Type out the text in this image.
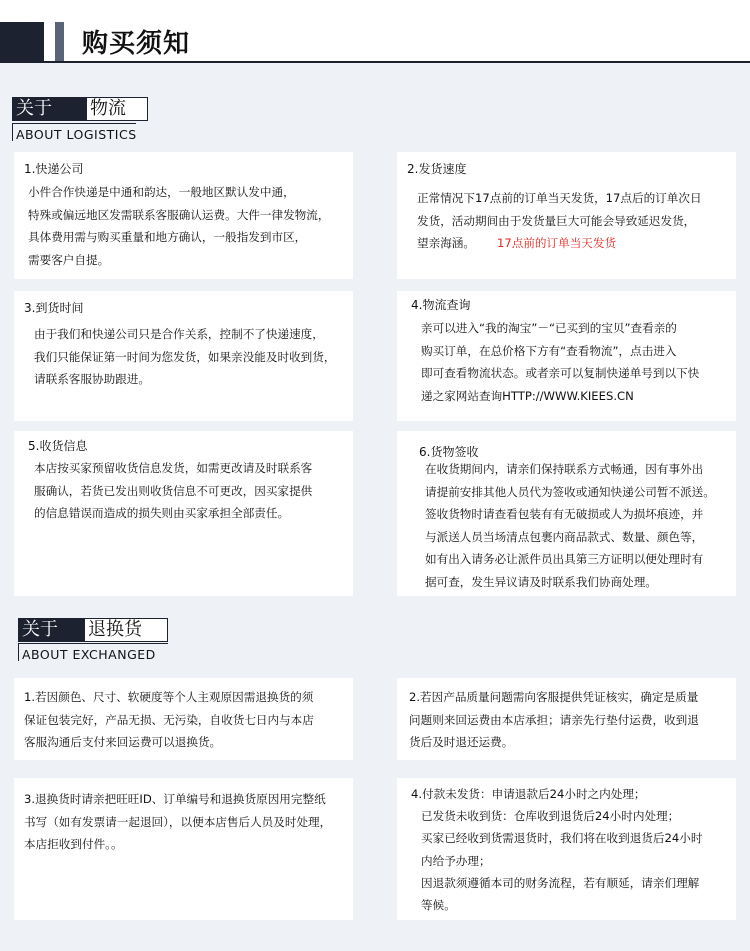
购买须知
关于	物流
ABOUT LOGISTICS
1.快递公司
小件合作快递是中通和韵达，一般地区默认发中通，
特殊或偏远地区发需联系客服确认运费。大件一律发物流，
具体费用需与购买重量和地方确认，一般指发到市区，
需要客户自提。
2.发货速度
正常情况下17点前的订单当天发货，17点后的订单次日
发货，活动期间由于发货量巨大可能会导致延迟发货，
望亲海涵。 17点前的订单当天发货
3.到货时间
由于我们和快递公司只是合作关系，控制不了快递速度，
我们只能保证第一时间为您发货，如果亲没能及时收到货，
请联系客服协助跟进。
4.物流查询
亲可以进入“我的淘宝”－“已买到的宝贝”查看亲的
购买订单，在总价格下方有“查看物流”，点击进入
即可查看物流状态。或者亲可以复制快递单号到以下快
递之家网站查询HTTP://WWW.KIEES.CN
5.收货信息
本店按买家预留收货信息发货，如需更改请及时联系客
服确认，若货已发出则收货信息不可更改，因买家提供
的信息错误而造成的损失则由买家承担全部责任。
6.货物签收
在收货期间内，请亲们保持联系方式畅通，因有事外出
请提前安排其他人员代为签收或通知快递公司暂不派送。
签收货物时请查看包装有有无破损或人为损坏痕迹，并
与派送人员当场清点包裹内商品款式、数量、颜色等，
如有出入请务必让派件员出具第三方证明以便处理时有
据可查，发生异议请及时联系我们协商处理。
关于	退换货
ABOUT EXCHANGED
1.若因颜色、尺寸、软硬度等个人主观原因需退换货的须
保证包装完好，产品无损、无污染，自收货七日内与本店
客服沟通后支付来回运费可以退换货。
2.若因产品质量问题需向客服提供凭证核实，确定是质量
问题则来回运费由本店承担；请亲先行垫付运费，收到退
货后及时退还运费。
3.退换货时请亲把旺旺ID、订单编号和退换货原因用完整纸
书写（如有发票请一起退回），以便本店售后人员及时处理，
本店拒收到付件。。
4.付款未发货：申请退款后24小时之内处理；
已发货未收到货：仓库收到退货后24小时内处理；
买家已经收到货需退货时，我们将在收到退货后24小时
内给予办理；
因退款须遵循本司的财务流程，若有顺延，请亲们理解
等候。
